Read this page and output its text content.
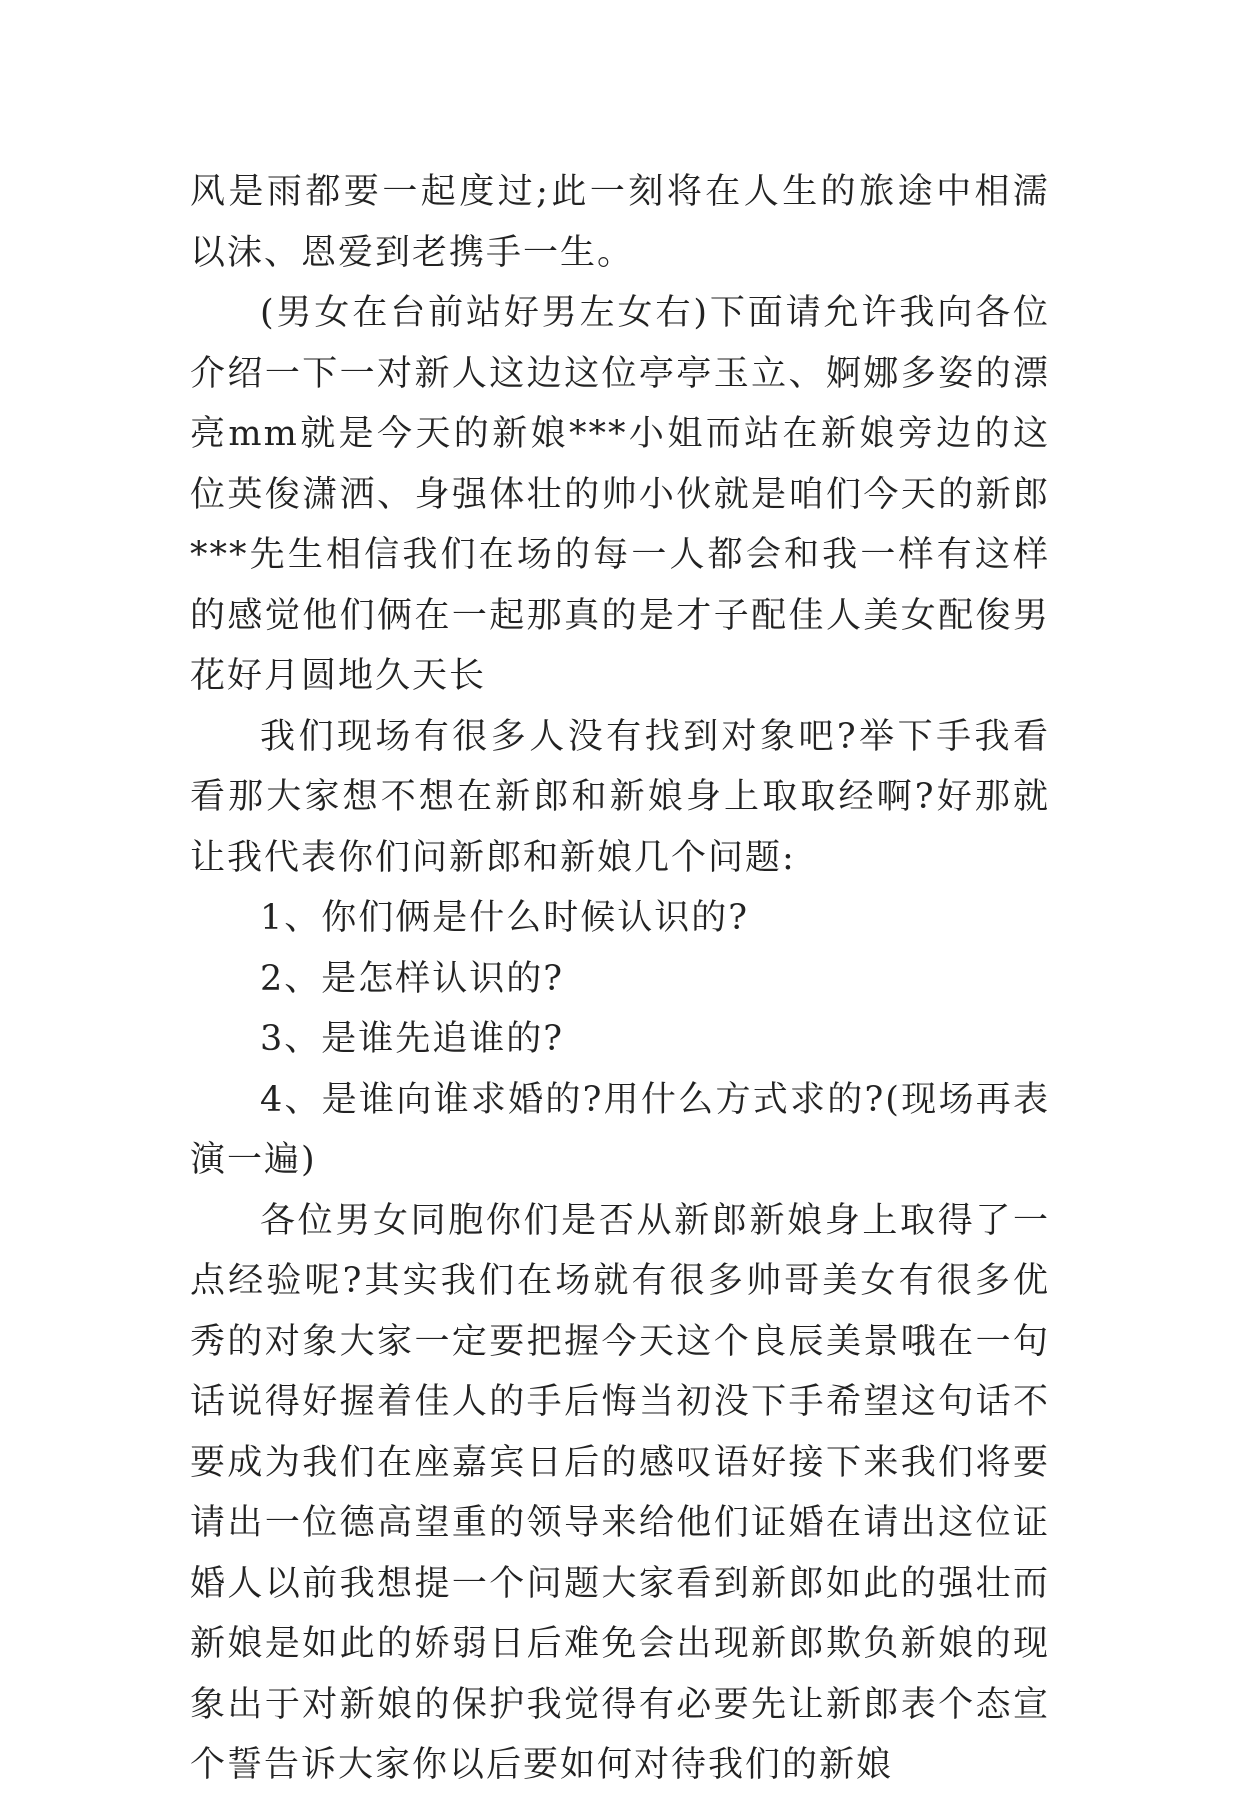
风是雨都要一起度过;此一刻将在人生的旅途中相濡以沫、恩爱到老携手一生。

(男女在台前站好男左女右)下面请允许我向各位介绍一下一对新人这边这位亭亭玉立、婀娜多姿的漂亮mm就是今天的新娘***小姐而站在新娘旁边的这位英俊潇洒、身强体壮的帅小伙就是咱们今天的新郎***先生相信我们在场的每一人都会和我一样有这样的感觉他们俩在一起那真的是才子配佳人美女配俊男花好月圆地久天长

我们现场有很多人没有找到对象吧?举下手我看看那大家想不想在新郎和新娘身上取取经啊?好那就让我代表你们问新郎和新娘几个问题:

1、你们俩是什么时候认识的?

2、是怎样认识的?

3、是谁先追谁的?

4、是谁向谁求婚的?用什么方式求的?(现场再表演一遍)

各位男女同胞你们是否从新郎新娘身上取得了一点经验呢?其实我们在场就有很多帅哥美女有很多优秀的对象大家一定要把握今天这个良辰美景哦在一句话说得好握着佳人的手后悔当初没下手希望这句话不要成为我们在座嘉宾日后的感叹语好接下来我们将要请出一位德高望重的领导来给他们证婚在请出这位证婚人以前我想提一个问题大家看到新郎如此的强壮而新娘是如此的娇弱日后难免会出现新郎欺负新娘的现象出于对新娘的保护我觉得有必要先让新郎表个态宣个誓告诉大家你以后要如何对待我们的新娘
